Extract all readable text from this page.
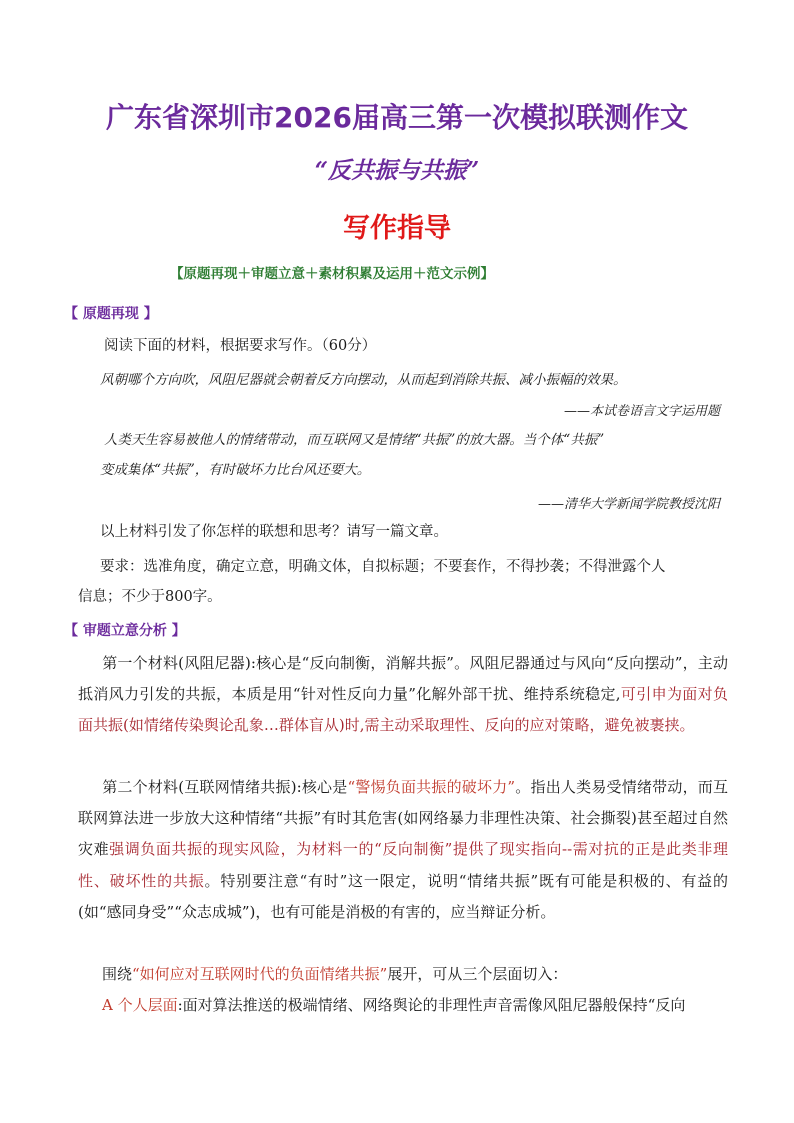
广东省深圳市2026届高三第一次模拟联测作文
“反共振与共振”
写作指导
【原题再现＋审题立意＋素材积累及运用＋范文示例】
【 原题再现 】
阅读下面的材料，根据要求写作。（60分）
风朝哪个方向吹，风阻尼器就会朝着反方向摆动，从而起到消除共振、减小振幅的效果。
——本试卷语言文字运用题
人类天生容易被他人的情绪带动，而互联网又是情绪“共振”的放大器。当个体“共振”
变成集体“共振”，有时破坏力比台风还要大。
——清华大学新闻学院教授沈阳
以上材料引发了你怎样的联想和思考？请写一篇文章。
要求：选准角度，确定立意，明确文体，自拟标题；不要套作，不得抄袭；不得泄露个人
信息；不少于800字。
【 审题立意分析 】
第一个材料(风阻尼器):核心是“反向制衡，消解共振”。风阻尼器通过与风向“反向摆动”，主动抵消风力引发的共振，本质是用“针对性反向力量”化解外部干扰、维持系统稳定,可引申为面对负面共振(如情绪传染舆论乱象…群体盲从)时,需主动采取理性、反向的应对策略，避免被裹挟。
第二个材料(互联网情绪共振):核心是“警惕负面共振的破坏力”。指出人类易受情绪带动，而互联网算法进一步放大这种情绪“共振”有时其危害(如网络暴力非理性决策、社会撕裂)甚至超过自然灾难强调负面共振的现实风险，为材料一的“反向制衡”提供了现实指向--需对抗的正是此类非理性、破坏性的共振。特别要注意“有时”这一限定，说明“情绪共振”既有可能是积极的、有益的(如“感同身受”“众志成城”)，也有可能是消极的有害的，应当辩证分析。
围绕“如何应对互联网时代的负面情绪共振”展开，可从三个层面切入：
A 个人层面:面对算法推送的极端情绪、网络舆论的非理性声音需像风阻尼器般保持“反向
